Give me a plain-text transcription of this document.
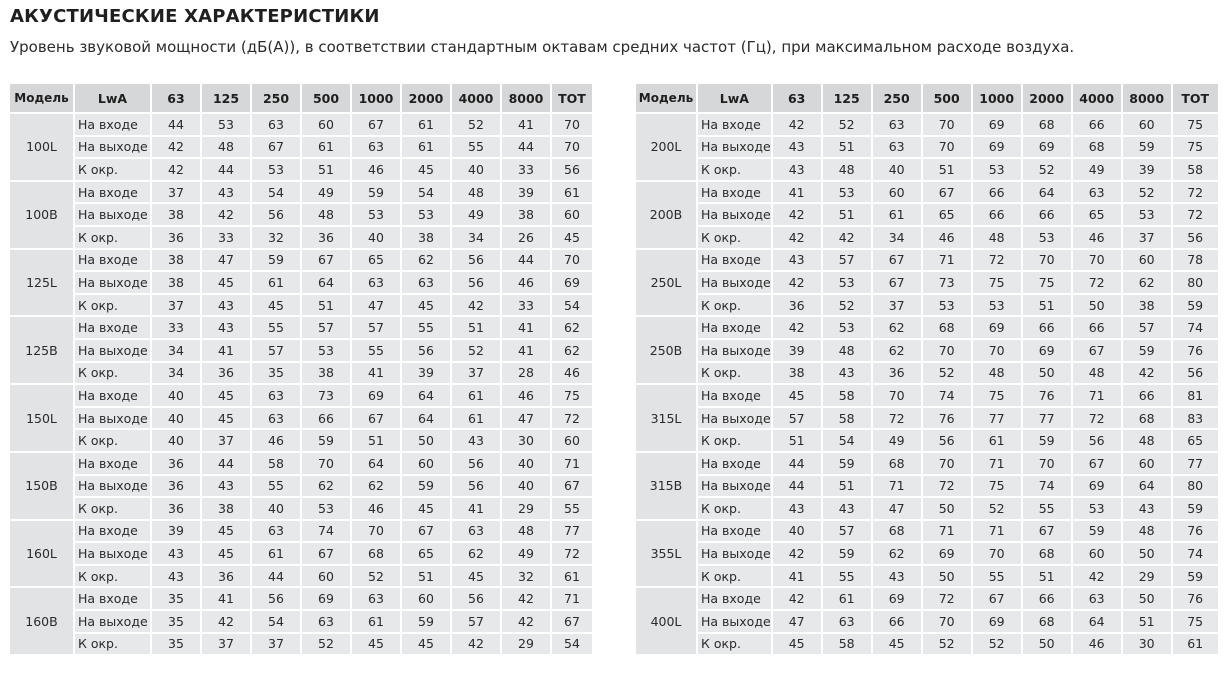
АКУСТИЧЕСКИЕ ХАРАКТЕРИСТИКИ
Уровень звуковой мощности (дБ(А)), в соответствии стандартным октавам средних частот (Гц), при максимальном расходе воздуха.
Модель	LwA	63	125	250	500	1000	2000	4000	8000	TOT
100L	На входе	44	53	63	60	67	61	52	41	70
	На выходе	42	48	67	61	63	61	55	44	70
	К окр.	42	44	53	51	46	45	40	33	56
100B	На входе	37	43	54	49	59	54	48	39	61
	На выходе	38	42	56	48	53	53	49	38	60
	К окр.	36	33	32	36	40	38	34	26	45
125L	На входе	38	47	59	67	65	62	56	44	70
	На выходе	38	45	61	64	63	63	56	46	69
	К окр.	37	43	45	51	47	45	42	33	54
125B	На входе	33	43	55	57	57	55	51	41	62
	На выходе	34	41	57	53	55	56	52	41	62
	К окр.	34	36	35	38	41	39	37	28	46
150L	На входе	40	45	63	73	69	64	61	46	75
	На выходе	40	45	63	66	67	64	61	47	72
	К окр.	40	37	46	59	51	50	43	30	60
150B	На входе	36	44	58	70	64	60	56	40	71
	На выходе	36	43	55	62	62	59	56	40	67
	К окр.	36	38	40	53	46	45	41	29	55
160L	На входе	39	45	63	74	70	67	63	48	77
	На выходе	43	45	61	67	68	65	62	49	72
	К окр.	43	36	44	60	52	51	45	32	61
160B	На входе	35	41	56	69	63	60	56	42	71
	На выходе	35	42	54	63	61	59	57	42	67
	К окр.	35	37	37	52	45	45	42	29	54
Модель	LwA	63	125	250	500	1000	2000	4000	8000	TOT
200L	На входе	42	52	63	70	69	68	66	60	75
	На выходе	43	51	63	70	69	69	68	59	75
	К окр.	43	48	40	51	53	52	49	39	58
200B	На входе	41	53	60	67	66	64	63	52	72
	На выходе	42	51	61	65	66	66	65	53	72
	К окр.	42	42	34	46	48	53	46	37	56
250L	На входе	43	57	67	71	72	70	70	60	78
	На выходе	42	53	67	73	75	75	72	62	80
	К окр.	36	52	37	53	53	51	50	38	59
250B	На входе	42	53	62	68	69	66	66	57	74
	На выходе	39	48	62	70	70	69	67	59	76
	К окр.	38	43	36	52	48	50	48	42	56
315L	На входе	45	58	70	74	75	76	71	66	81
	На выходе	57	58	72	76	77	77	72	68	83
	К окр.	51	54	49	56	61	59	56	48	65
315B	На входе	44	59	68	70	71	70	67	60	77
	На выходе	44	51	71	72	75	74	69	64	80
	К окр.	43	43	47	50	52	55	53	43	59
355L	На входе	40	57	68	71	71	67	59	48	76
	На выходе	42	59	62	69	70	68	60	50	74
	К окр.	41	55	43	50	55	51	42	29	59
400L	На входе	42	61	69	72	67	66	63	50	76
	На выходе	47	63	66	70	69	68	64	51	75
	К окр.	45	58	45	52	52	50	46	30	61
